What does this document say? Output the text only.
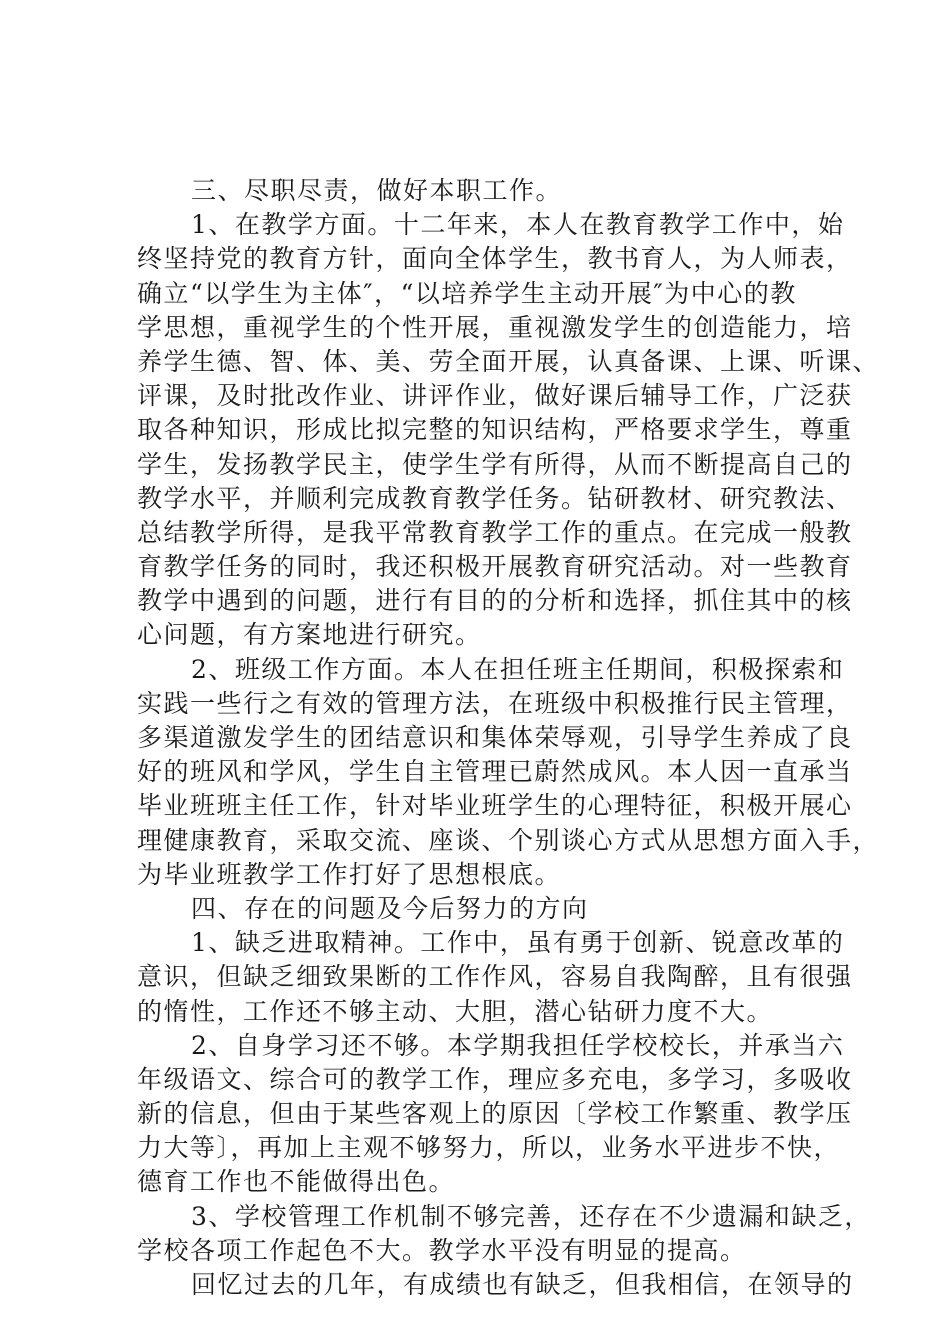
三、尽职尽责，做好本职工作。
1、在教学方面。十二年来，本人在教育教学工作中，始
终坚持党的教育方针，面向全体学生，教书育人，为人师表，
确立“以学生为主体″，“以培养学生主动开展″为中心的教
学思想，重视学生的个性开展，重视激发学生的创造能力，培
养学生德、智、体、美、劳全面开展，认真备课、上课、听课、
评课，及时批改作业、讲评作业，做好课后辅导工作，广泛获
取各种知识，形成比拟完整的知识结构，严格要求学生，尊重
学生，发扬教学民主，使学生学有所得，从而不断提高自己的
教学水平，并顺利完成教育教学任务。钻研教材、研究教法、
总结教学所得，是我平常教育教学工作的重点。在完成一般教
育教学任务的同时，我还积极开展教育研究活动。对一些教育
教学中遇到的问题，进行有目的的分析和选择，抓住其中的核
心问题，有方案地进行研究。
2、班级工作方面。本人在担任班主任期间，积极探索和
实践一些行之有效的管理方法，在班级中积极推行民主管理，
多渠道激发学生的团结意识和集体荣辱观，引导学生养成了良
好的班风和学风，学生自主管理已蔚然成风。本人因一直承当
毕业班班主任工作，针对毕业班学生的心理特征，积极开展心
理健康教育，采取交流、座谈、个别谈心方式从思想方面入手，
为毕业班教学工作打好了思想根底。
四、存在的问题及今后努力的方向
1、缺乏进取精神。工作中，虽有勇于创新、锐意改革的
意识，但缺乏细致果断的工作作风，容易自我陶醉，且有很强
的惰性，工作还不够主动、大胆，潜心钻研力度不大。
2、自身学习还不够。本学期我担任学校校长，并承当六
年级语文、综合可的教学工作，理应多充电，多学习，多吸收
新的信息，但由于某些客观上的原因〔学校工作繁重、教学压
力大等〕，再加上主观不够努力，所以，业务水平进步不快，
德育工作也不能做得出色。
3、学校管理工作机制不够完善，还存在不少遗漏和缺乏，
学校各项工作起色不大。教学水平没有明显的提高。
回忆过去的几年，有成绩也有缺乏，但我相信，在领导的
